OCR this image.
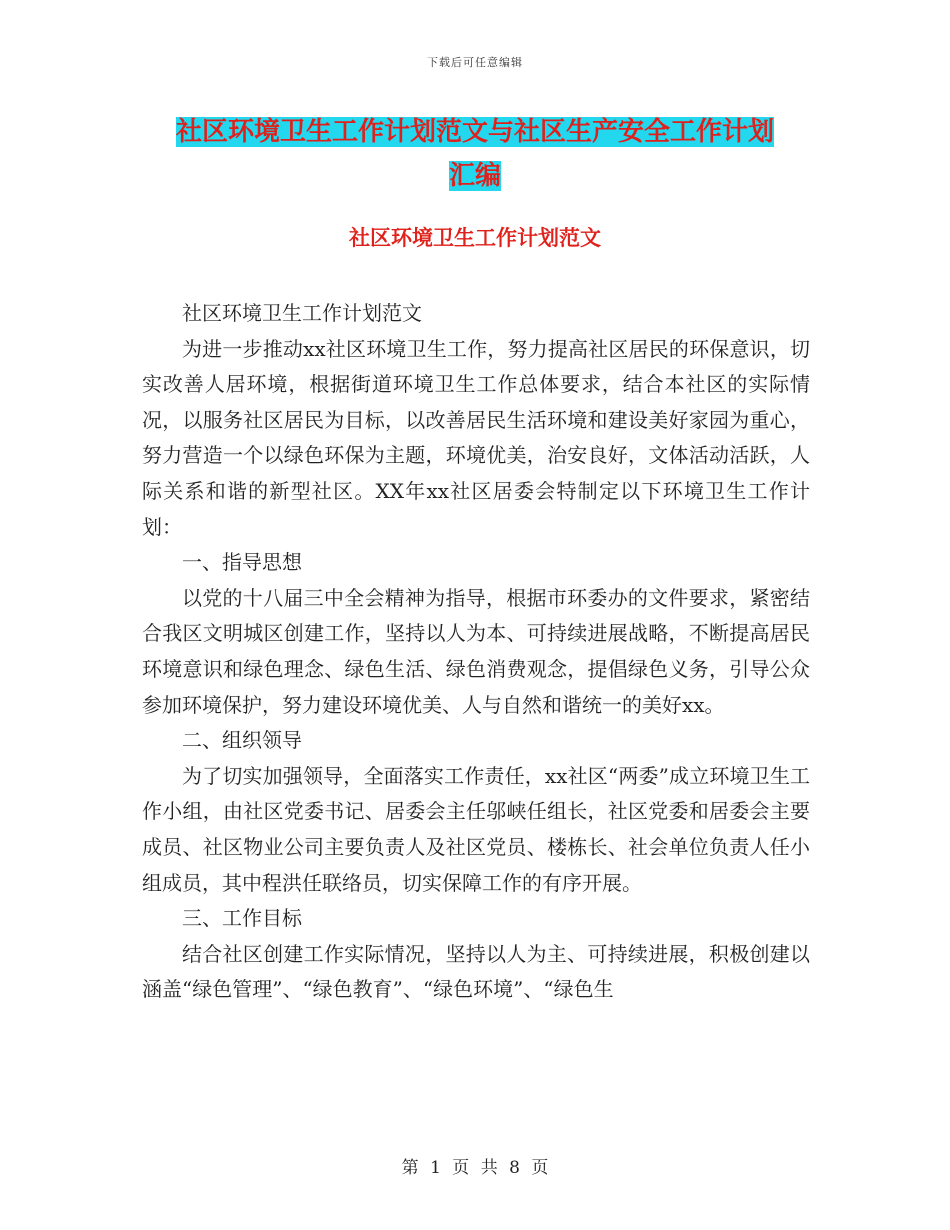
下载后可任意编辑
社区环境卫生工作计划范文与社区生产安全工作计划
汇编
社区环境卫生工作计划范文

社区环境卫生工作计划范文

为进一步推动xx社区环境卫生工作，努力提高社区居民的环保意识，切实改善人居环境，根据街道环境卫生工作总体要求，结合本社区的实际情况，以服务社区居民为目标，以改善居民生活环境和建设美好家园为重心，努力营造一个以绿色环保为主题，环境优美，治安良好，文体活动活跃，人际关系和谐的新型社区。XX年xx社区居委会特制定以下环境卫生工作计划：

一、指导思想

以党的十八届三中全会精神为指导，根据市环委办的文件要求，紧密结合我区文明城区创建工作，坚持以人为本、可持续进展战略，不断提高居民环境意识和绿色理念、绿色生活、绿色消费观念，提倡绿色义务，引导公众参加环境保护，努力建设环境优美、人与自然和谐统一的美好xx。

二、组织领导

为了切实加强领导，全面落实工作责任，xx社区“两委”成立环境卫生工作小组，由社区党委书记、居委会主任邬峡任组长，社区党委和居委会主要成员、社区物业公司主要负责人及社区党员、楼栋长、社会单位负责人任小组成员，其中程洪任联络员，切实保障工作的有序开展。

三、工作目标

结合社区创建工作实际情况，坚持以人为主、可持续进展，积极创建以涵盖“绿色管理”、“绿色教育”、“绿色环境”、“绿色生

第 1 页 共 8 页
